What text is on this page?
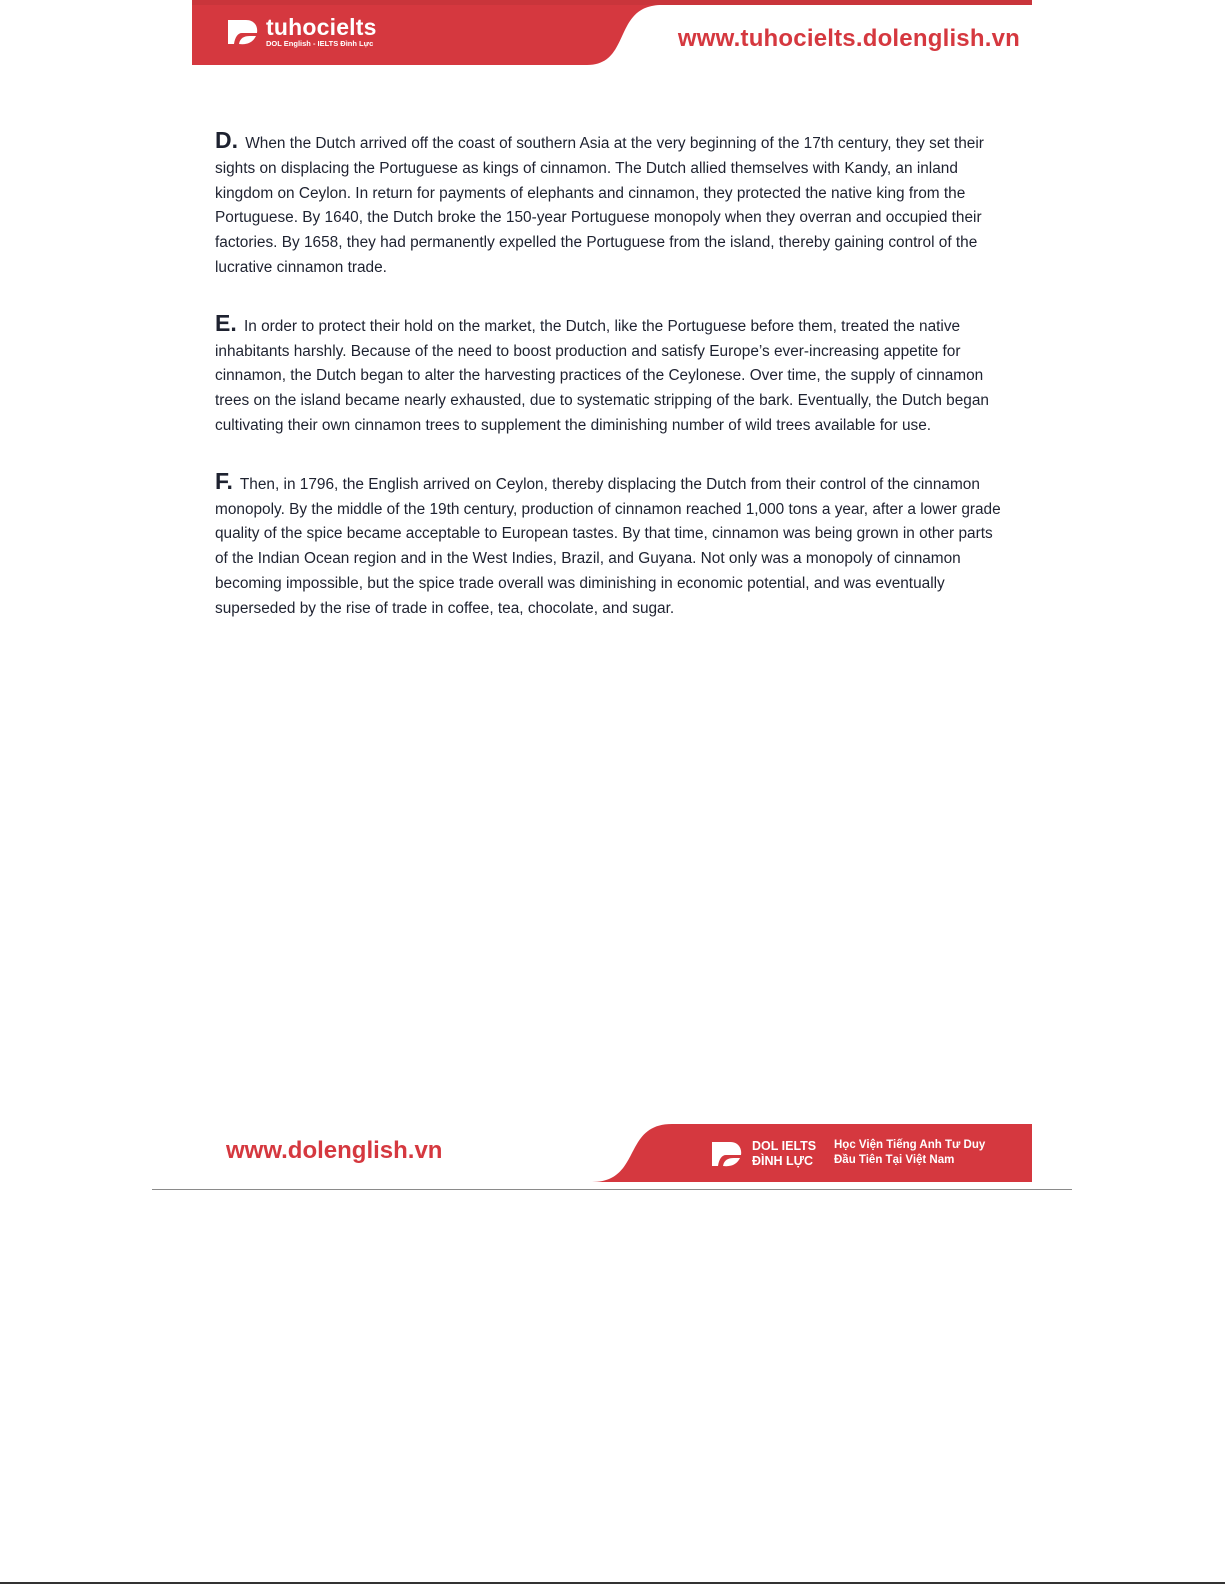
tuhocielts
DOL English - IELTS Đình Lực	www.tuhocielts.dolenglish.vn

D. When the Dutch arrived off the coast of southern Asia at the very beginning of the 17th century, they set their sights on displacing the Portuguese as kings of cinnamon. The Dutch allied themselves with Kandy, an inland kingdom on Ceylon. In return for payments of elephants and cinnamon, they protected the native king from the Portuguese. By 1640, the Dutch broke the 150-year Portuguese monopoly when they overran and occupied their factories. By 1658, they had permanently expelled the Portuguese from the island, thereby gaining control of the lucrative cinnamon trade.

E. In order to protect their hold on the market, the Dutch, like the Portuguese before them, treated the native inhabitants harshly. Because of the need to boost production and satisfy Europe’s ever-increasing appetite for cinnamon, the Dutch began to alter the harvesting practices of the Ceylonese. Over time, the supply of cinnamon trees on the island became nearly exhausted, due to systematic stripping of the bark. Eventually, the Dutch began cultivating their own cinnamon trees to supplement the diminishing number of wild trees available for use.

F. Then, in 1796, the English arrived on Ceylon, thereby displacing the Dutch from their control of the cinnamon monopoly. By the middle of the 19th century, production of cinnamon reached 1,000 tons a year, after a lower grade quality of the spice became acceptable to European tastes. By that time, cinnamon was being grown in other parts of the Indian Ocean region and in the West Indies, Brazil, and Guyana. Not only was a monopoly of cinnamon becoming impossible, but the spice trade overall was diminishing in economic potential, and was eventually superseded by the rise of trade in coffee, tea, chocolate, and sugar.

www.dolenglish.vn	DOL IELTS
ĐÌNH LỰC
Học Viện Tiếng Anh Tư Duy
Đầu Tiên Tại Việt Nam
